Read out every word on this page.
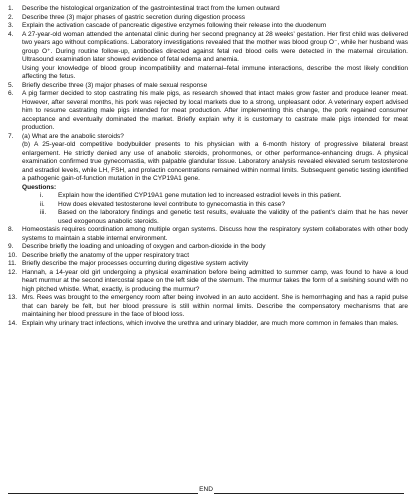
1.	Describe the histological organization of the gastrointestinal tract from the lumen outward
2.	Describe three (3) major phases of gastric secretion during digestion process
3.	Explain the activation cascade of pancreatic digestive enzymes following their release into the duodenum
4.	A 27-year-old woman attended the antenatal clinic during her second pregnancy at 28 weeks’ gestation. Her first child was delivered two years ago without complications. Laboratory investigations revealed that the mother was blood group O⁻, while her husband was group O⁺. During routine follow-up, antibodies directed against fetal red blood cells were detected in the maternal circulation. Ultrasound examination later showed evidence of fetal edema and anemia.
Using your knowledge of blood group incompatibility and maternal–fetal immune interactions, describe the most likely condition affecting the fetus.
5.	Briefly describe three (3) major phases of male sexual response
6.	A pig farmer decided to stop castrating his male pigs, as research showed that intact males grow faster and produce leaner meat. However, after several months, his pork was rejected by local markets due to a strong, unpleasant odor. A veterinary expert advised him to resume castrating male pigs intended for meat production. After implementing this change, the pork regained consumer acceptance and eventually dominated the market. Briefly explain why it is customary to castrate male pigs intended for meat production.
7.	(a) What are the anabolic steroids?
(b) A 25-year-old competitive bodybuilder presents to his physician with a 6-month history of progressive bilateral breast enlargement. He strictly denied any use of anabolic steroids, prohormones, or other performance-enhancing drugs. A physical examination confirmed true gynecomastia, with palpable glandular tissue. Laboratory analysis revealed elevated serum testosterone and estradiol levels, while LH, FSH, and prolactin concentrations remained within normal limits. Subsequent genetic testing identified a pathogenic gain-of-function mutation in the CYP19A1 gene.
Questions:
i.	Explain how the identified CYP19A1 gene mutation led to increased estradiol levels in this patient.
ii.	How does elevated testosterone level contribute to gynecomastia in this case?
iii.	Based on the laboratory findings and genetic test results, evaluate the validity of the patient’s claim that he has never used exogenous anabolic steroids.
8.	Homeostasis requires coordination among multiple organ systems. Discuss how the respiratory system collaborates with other body systems to maintain a stable internal environment.
9.	Describe briefly the loading and unloading of oxygen and carbon-dioxide in the body
10. Describe briefly the anatomy of the upper respiratory tract
11. Briefly describe the major processes occurring during digestive system activity
12. Hannah, a 14-year old girl undergoing a physical examination before being admitted to summer camp, was found to have a loud heart murmur at the second intercostal space on the left side of the sternum. The murmur takes the form of a swishing sound with no high pitched whistle. What, exactly, is producing the murmur?
13. Mrs. Rees was brought to the emergency room after being involved in an auto accident. She is hemorrhaging and has a rapid pulse that can barely be felt, but her blood pressure is still within normal limits. Describe the compensatory mechanisms that are maintaining her blood pressure in the face of blood loss.
14. Explain why urinary tract infections, which involve the urethra and urinary bladder, are much more common in females than males.
END
